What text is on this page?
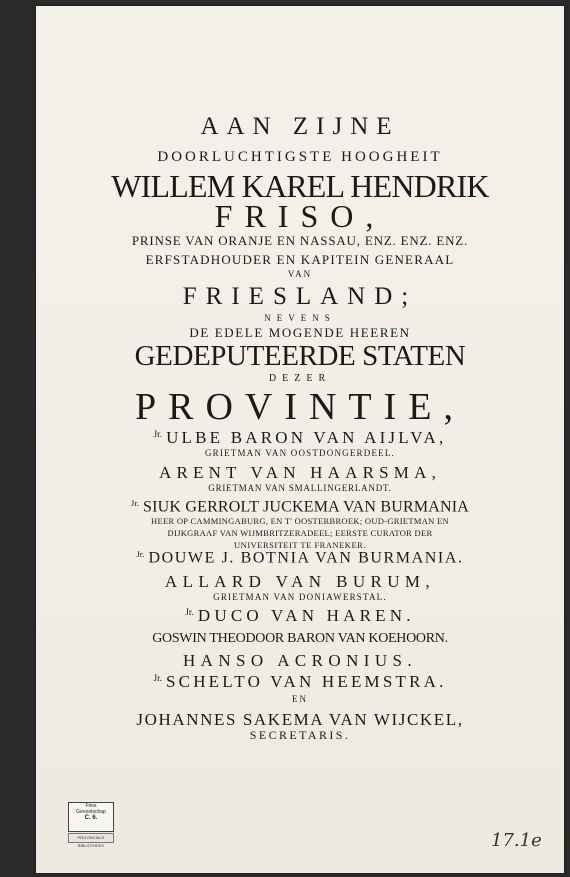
AAN ZIJNE
DOORLUCHTIGSTE HOOGHEIT
WILLEM KAREL HENDRIK
FRISO,
PRINSE VAN ORANJE EN NASSAU, ENZ. ENZ. ENZ.
ERFSTADHOUDER EN KAPITEIN GENERAAL
VAN
FRIESLAND;
NEVENS
DE EDELE MOGENDE HEEREN
GEDEPUTEERDE STATEN
DEZER
PROVINTIE,
$^{Jr.}$ ULBE BARON VAN AIJLVA,
GRIETMAN VAN OOSTDONGERDEEL.
ARENT VAN HAARSMA,
GRIETMAN VAN SMALLINGERLANDT.
$^{Jr.}$ SIUK GERROLT JUCKEMA VAN BURMANIA
HEER OP CAMMINGABURG, EN T' OOSTERBROEK; OUD-GRIETMAN EN
DIJKGRAAF VAN WIJMBRITZERADEEL; EERSTE CURATOR DER
UNIVERSITEIT TE FRANEKER.
$^{Jr.}$ DOUWE J. BOTNIA VAN BURMANIA.
ALLARD VAN BURUM,
GRIETMAN VAN DONIAWERSTAL.
$^{Jr.}$ DUCO VAN HAREN.
GOSWIN THEODOOR BARON VAN KOEHOORN.
HANSO ACRONIUS.
$^{Jr.}$ SCHELTO VAN HEEMSTRA.
EN
JOHANNES SAKEMA VAN WIJCKEL,
SECRETARIS.
Fries
Genootschap
C. 6.
PROVINCIALE BIBLIOTHEEK	17.1e
